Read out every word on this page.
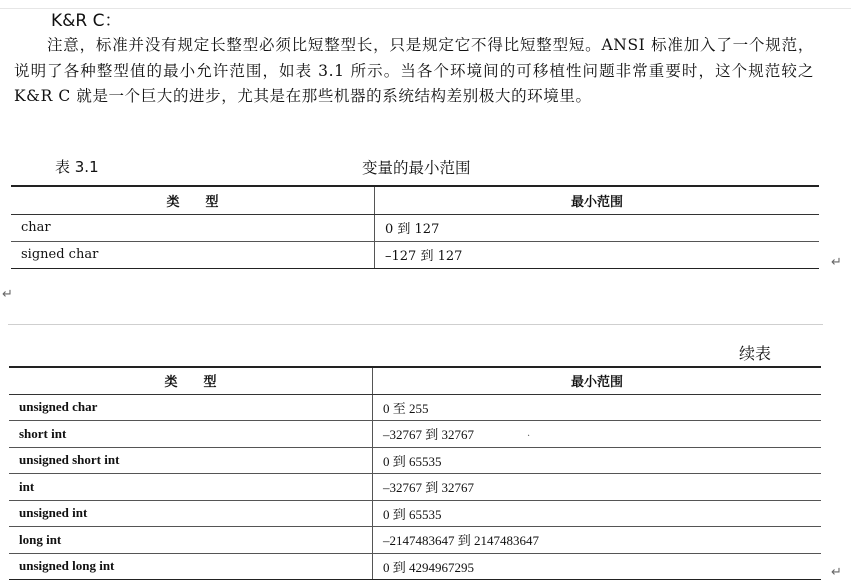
K&R C：
注意，标准并没有规定长整型必须比短整型长，只是规定它不得比短整型短。ANSI 标准加入了一个规范，说明了各种整型值的最小允许范围，如表 3.1 所示。当各个环境间的可移植性问题非常重要时，这个规范较之 K&R C 就是一个巨大的进步，尤其是在那些机器的系统结构差别极大的环境里。
表 3.1	变量的最小范围
类　　型	最小范围
char	0 到 127
signed char	–127 到 127	↵
↵
续表
类　　型	最小范围
unsigned char	0 至 255
short int	–32767 到 32767
unsigned short int	0 到 65535
int	–32767 到 32767
unsigned int	0 到 65535
long int	–2147483647 到 2147483647
unsigned long int	0 到 4294967295
·
↵
